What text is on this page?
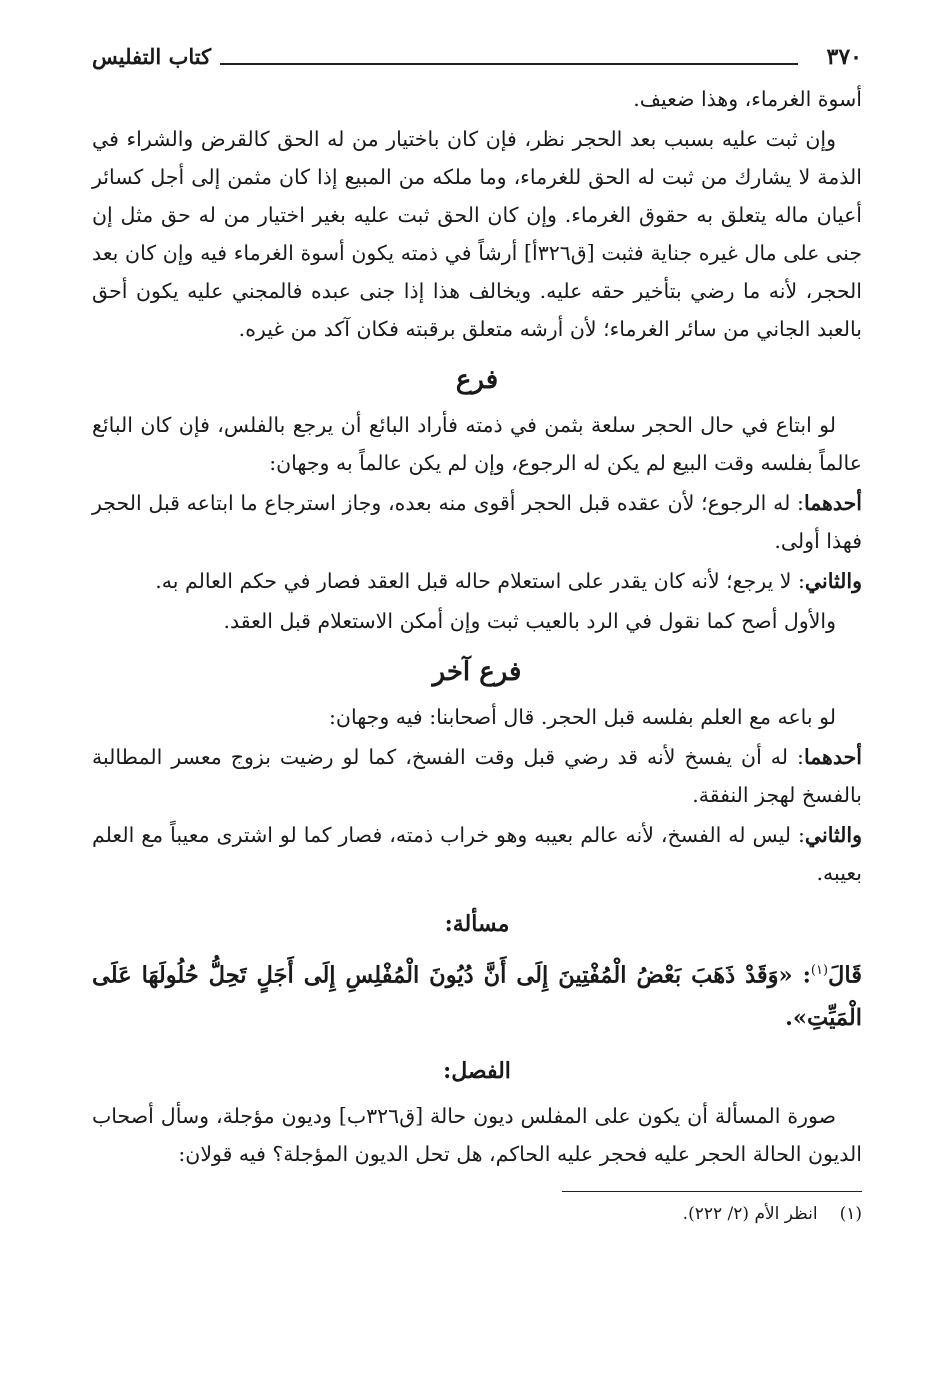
٣٧٠
كتاب التفليس

أسوة الغرماء، وهذا ضعيف.

وإن ثبت عليه بسبب بعد الحجر نظر، فإن كان باختيار من له الحق كالقرض والشراء في الذمة لا يشارك من ثبت له الحق للغرماء، وما ملكه من المبيع إذا كان مثمن إلى أجل كسائر أعيان ماله يتعلق به حقوق الغرماء. وإن كان الحق ثبت عليه بغير اختيار من له حق مثل إن جنى على مال غيره جناية فثبت [ق٣٢٦أ] أرشاً في ذمته يكون أسوة الغرماء فيه وإن كان بعد الحجر، لأنه ما رضي بتأخير حقه عليه. ويخالف هذا إذا جنى عبده فالمجني عليه يكون أحق بالعبد الجاني من سائر الغرماء؛ لأن أرشه متعلق برقبته فكان آكد من غيره.

فرع

لو ابتاع في حال الحجر سلعة بثمن في ذمته فأراد البائع أن يرجع بالفلس، فإن كان البائع عالماً بفلسه وقت البيع لم يكن له الرجوع، وإن لم يكن عالماً به وجهان:

أحدهما: له الرجوع؛ لأن عقده قبل الحجر أقوى منه بعده، وجاز استرجاع ما ابتاعه قبل الحجر فهذا أولى.

والثاني: لا يرجع؛ لأنه كان يقدر على استعلام حاله قبل العقد فصار في حكم العالم به.

والأول أصح كما نقول في الرد بالعيب ثبت وإن أمكن الاستعلام قبل العقد.

فرع آخر

لو باعه مع العلم بفلسه قبل الحجر. قال أصحابنا: فيه وجهان:

أحدهما: له أن يفسخ لأنه قد رضي قبل وقت الفسخ، كما لو رضيت بزوج معسر المطالبة بالفسخ لهجز النفقة.

والثاني: ليس له الفسخ، لأنه عالم بعيبه وهو خراب ذمته، فصار كما لو اشترى معيباً مع العلم بعيبه.

مسألة:

قَالَ$^{(١)}$: «وَقَدْ ذَهَبَ بَعْضُ الْمُفْتِينَ إِلَى أَنَّ دُيُونَ الْمُفْلِسِ إِلَى أَجَلٍ تَحِلُّ حُلُولَهَا عَلَى الْمَيِّتِ».

الفصل:

صورة المسألة أن يكون على المفلس ديون حالة [ق٣٢٦ب] وديون مؤجلة، وسأل أصحاب الديون الحالة الحجر عليه فحجر عليه الحاكم، هل تحل الديون المؤجلة؟ فيه قولان:

(١)انظر الأم (٢/ ٢٢٢).
